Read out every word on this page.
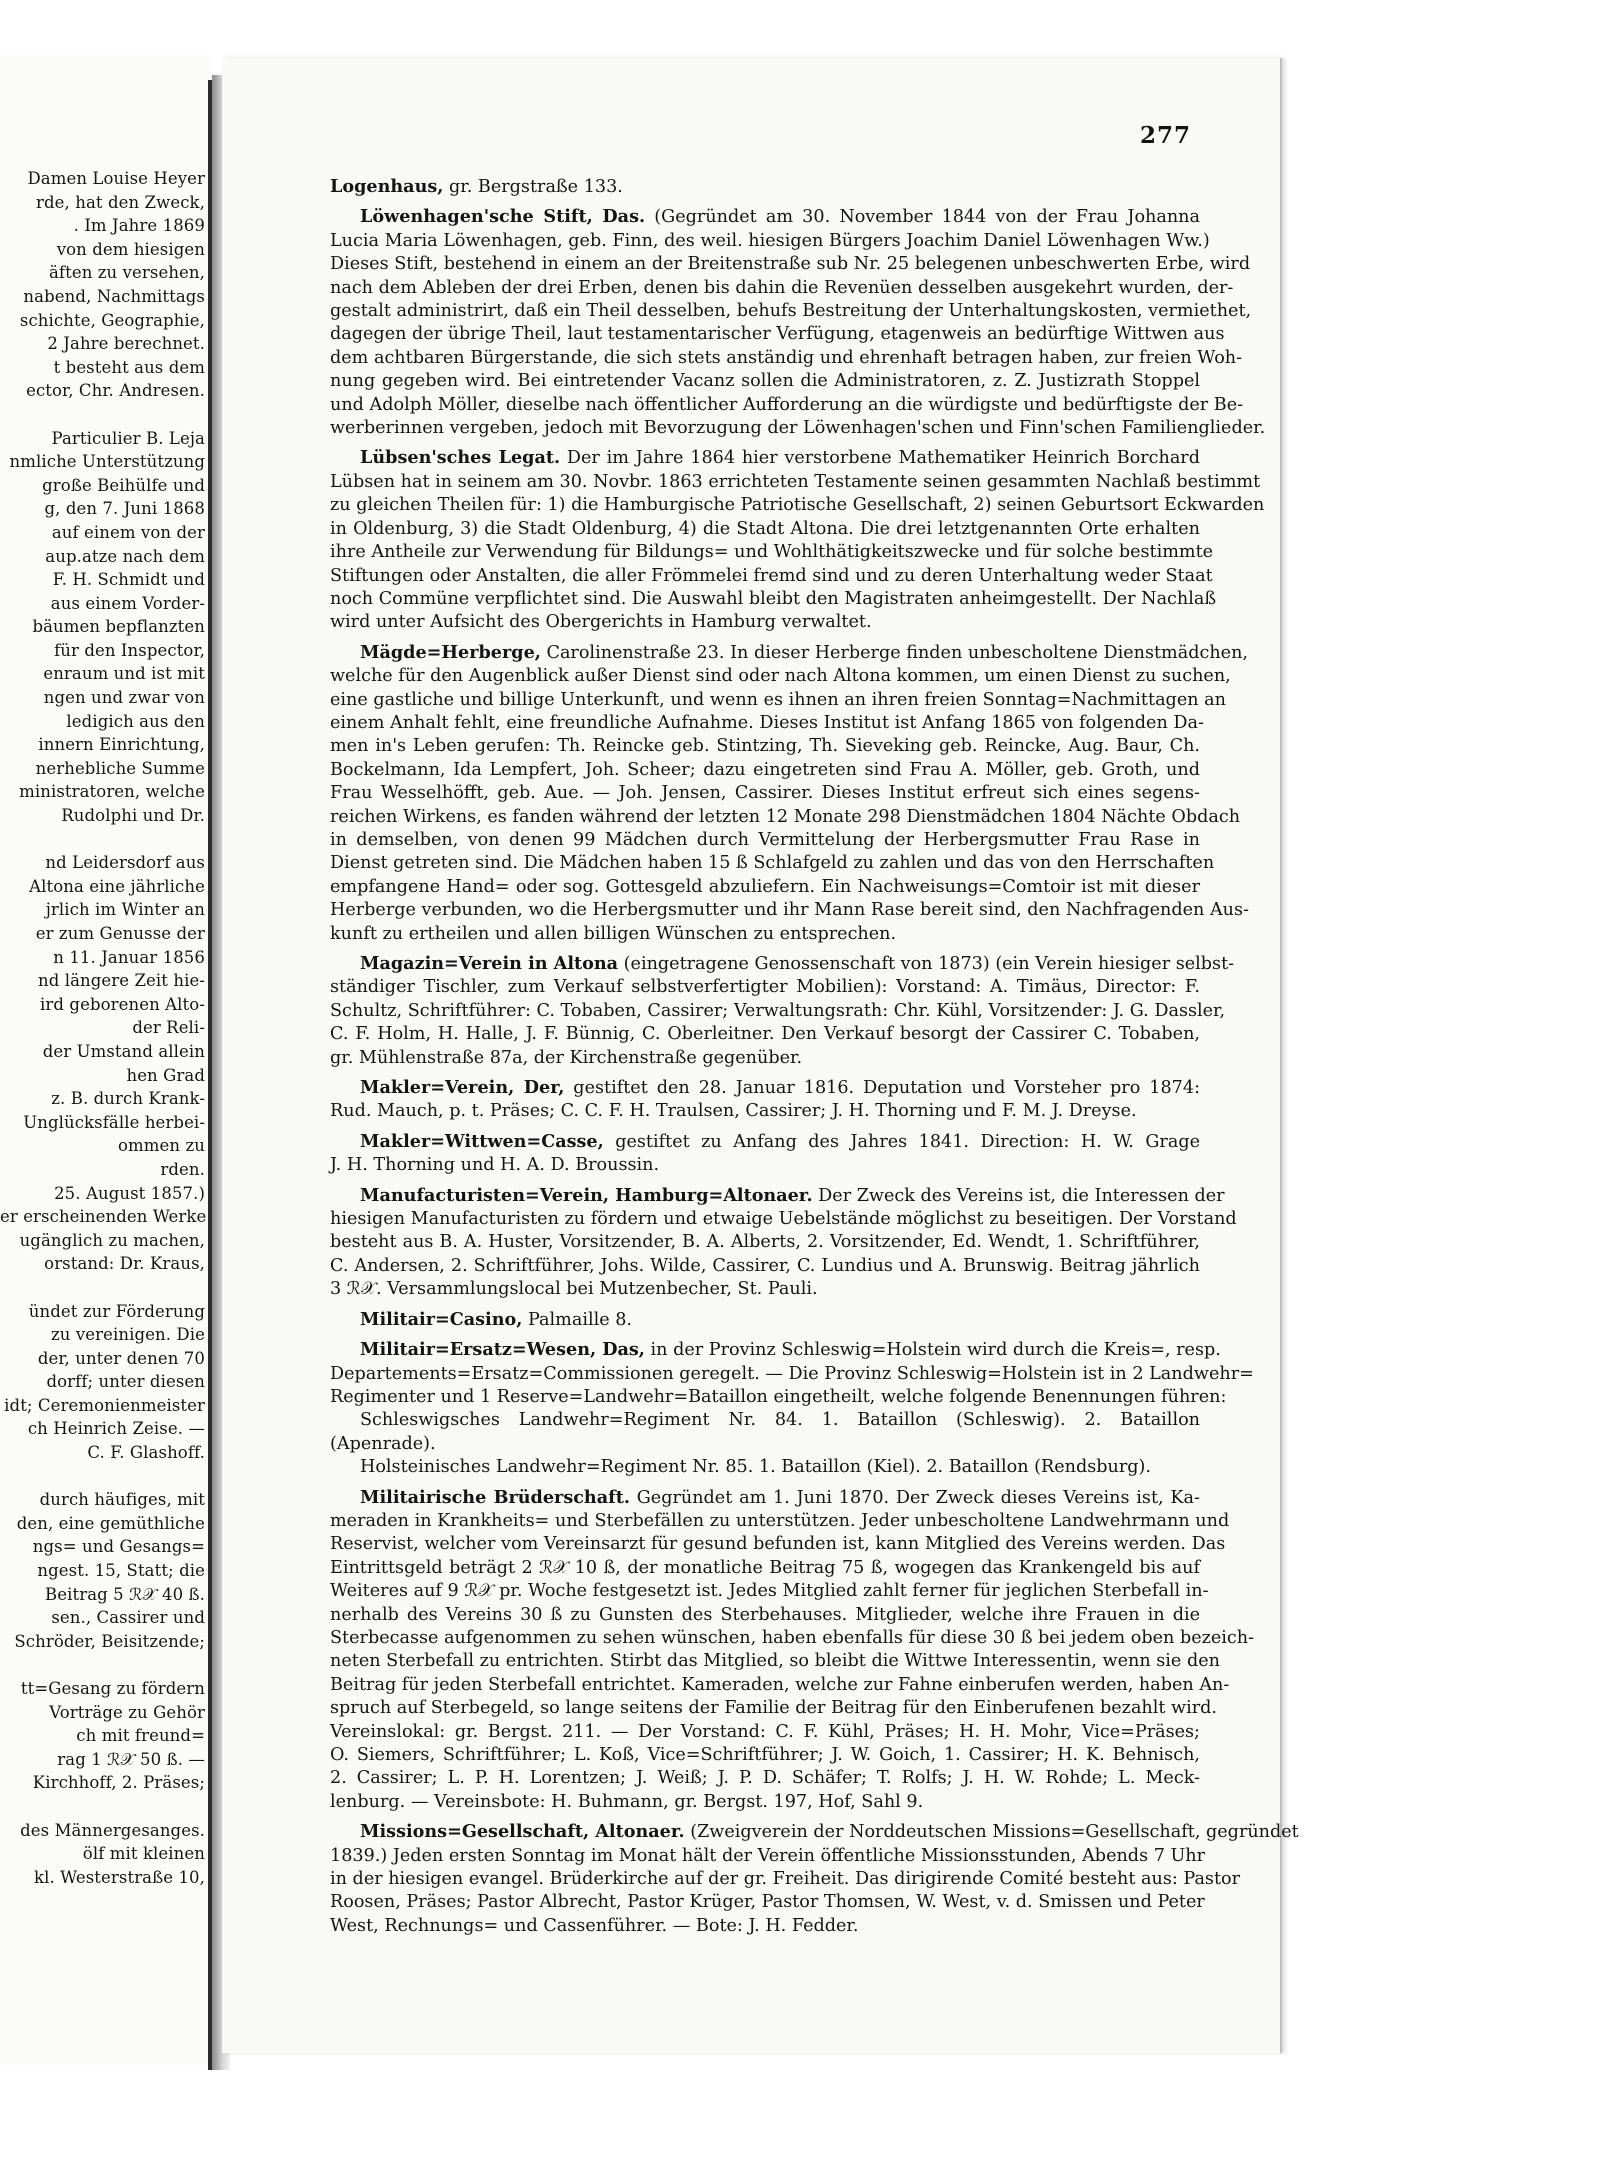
Damen Louise Heyer
rde, hat den Zweck,
. Im Jahre 1869
von dem hiesigen
äften zu versehen,
nabend, Nachmittags
schichte, Geographie,
2 Jahre berechnet.
t besteht aus dem
ector, Chr. Andresen.

Particulier B. Leja
nmliche Unterstützung
große Beihülfe und
g, den 7. Juni 1868
auf einem von der
aup.atze nach dem
F. H. Schmidt und
aus einem Vorder-
bäumen bepflanzten
für den Inspector,
enraum und ist mit
ngen und zwar von
ledigich aus den
innern Einrichtung,
nerhebliche Summe
ministratoren, welche
Rudolphi und Dr.

nd Leidersdorf aus
Altona eine jährliche
jrlich im Winter an
er zum Genusse der
n 11. Januar 1856
nd längere Zeit hie-
ird geborenen Alto-
der Reli-
der Umstand allein
hen Grad
z. B. durch Krank-
Unglücksfälle herbei-
ommen zu
rden.
25. August 1857.)
er erscheinenden Werke
ugänglich zu machen,
orstand: Dr. Kraus,

ündet zur Förderung
zu vereinigen. Die
der, unter denen 70
dorff; unter diesen
idt; Ceremonienmeister
ch Heinrich Zeise. —
C. F. Glashoff.

durch häufiges, mit
den, eine gemüthliche
ngs= und Gesangs=
ngest. 15, Statt; die
Beitrag 5 ℛ𝒳 40 ß.
sen., Cassirer und
Schröder, Beisitzende;

tt=Gesang zu fördern
Vorträge zu Gehör
ch mit freund=
rag 1 ℛ𝒳 50 ß. —
Kirchhoff, 2. Präses;

des Männergesanges.
ölf mit kleinen
kl. Westerstraße 10,
277
Logenhaus, gr. Bergstraße 133.
Löwenhagen'sche Stift, Das. (Gegründet am 30. November 1844 von der Frau Johanna
Lucia Maria Löwenhagen, geb. Finn, des weil. hiesigen Bürgers Joachim Daniel Löwenhagen Ww.)
Dieses Stift, bestehend in einem an der Breitenstraße sub Nr. 25 belegenen unbeschwerten Erbe, wird
nach dem Ableben der drei Erben, denen bis dahin die Revenüen desselben ausgekehrt wurden, der-
gestalt administrirt, daß ein Theil desselben, behufs Bestreitung der Unterhaltungskosten, vermiethet,
dagegen der übrige Theil, laut testamentarischer Verfügung, etagenweis an bedürftige Wittwen aus
dem achtbaren Bürgerstande, die sich stets anständig und ehrenhaft betragen haben, zur freien Woh-
nung gegeben wird. Bei eintretender Vacanz sollen die Administratoren, z. Z. Justizrath Stoppel
und Adolph Möller, dieselbe nach öffentlicher Aufforderung an die würdigste und bedürftigste der Be-
werberinnen vergeben, jedoch mit Bevorzugung der Löwenhagen'schen und Finn'schen Familienglieder.
Lübsen'sches Legat. Der im Jahre 1864 hier verstorbene Mathematiker Heinrich Borchard
Lübsen hat in seinem am 30. Novbr. 1863 errichteten Testamente seinen gesammten Nachlaß bestimmt
zu gleichen Theilen für: 1) die Hamburgische Patriotische Gesellschaft, 2) seinen Geburtsort Eckwarden
in Oldenburg, 3) die Stadt Oldenburg, 4) die Stadt Altona. Die drei letztgenannten Orte erhalten
ihre Antheile zur Verwendung für Bildungs= und Wohlthätigkeitszwecke und für solche bestimmte
Stiftungen oder Anstalten, die aller Frömmelei fremd sind und zu deren Unterhaltung weder Staat
noch Commüne verpflichtet sind. Die Auswahl bleibt den Magistraten anheimgestellt. Der Nachlaß
wird unter Aufsicht des Obergerichts in Hamburg verwaltet.
Mägde=Herberge, Carolinenstraße 23. In dieser Herberge finden unbescholtene Dienstmädchen,
welche für den Augenblick außer Dienst sind oder nach Altona kommen, um einen Dienst zu suchen,
eine gastliche und billige Unterkunft, und wenn es ihnen an ihren freien Sonntag=Nachmittagen an
einem Anhalt fehlt, eine freundliche Aufnahme. Dieses Institut ist Anfang 1865 von folgenden Da-
men in's Leben gerufen: Th. Reincke geb. Stintzing, Th. Sieveking geb. Reincke, Aug. Baur, Ch.
Bockelmann, Ida Lempfert, Joh. Scheer; dazu eingetreten sind Frau A. Möller, geb. Groth, und
Frau Wesselhöfft, geb. Aue. — Joh. Jensen, Cassirer. Dieses Institut erfreut sich eines segens-
reichen Wirkens, es fanden während der letzten 12 Monate 298 Dienstmädchen 1804 Nächte Obdach
in demselben, von denen 99 Mädchen durch Vermittelung der Herbergsmutter Frau Rase in
Dienst getreten sind. Die Mädchen haben 15 ß Schlafgeld zu zahlen und das von den Herrschaften
empfangene Hand= oder sog. Gottesgeld abzuliefern. Ein Nachweisungs=Comtoir ist mit dieser
Herberge verbunden, wo die Herbergsmutter und ihr Mann Rase bereit sind, den Nachfragenden Aus-
kunft zu ertheilen und allen billigen Wünschen zu entsprechen.
Magazin=Verein in Altona (eingetragene Genossenschaft von 1873) (ein Verein hiesiger selbst-
ständiger Tischler, zum Verkauf selbstverfertigter Mobilien): Vorstand: A. Timäus, Director: F.
Schultz, Schriftführer: C. Tobaben, Cassirer; Verwaltungsrath: Chr. Kühl, Vorsitzender: J. G. Dassler,
C. F. Holm, H. Halle, J. F. Bünnig, C. Oberleitner. Den Verkauf besorgt der Cassirer C. Tobaben,
gr. Mühlenstraße 87a, der Kirchenstraße gegenüber.
Makler=Verein, Der, gestiftet den 28. Januar 1816. Deputation und Vorsteher pro 1874:
Rud. Mauch, p. t. Präses; C. C. F. H. Traulsen, Cassirer; J. H. Thorning und F. M. J. Dreyse.
Makler=Wittwen=Casse, gestiftet zu Anfang des Jahres 1841. Direction: H. W. Grage
J. H. Thorning und H. A. D. Broussin.
Manufacturisten=Verein, Hamburg=Altonaer. Der Zweck des Vereins ist, die Interessen der
hiesigen Manufacturisten zu fördern und etwaige Uebelstände möglichst zu beseitigen. Der Vorstand
besteht aus B. A. Huster, Vorsitzender, B. A. Alberts, 2. Vorsitzender, Ed. Wendt, 1. Schriftführer,
C. Andersen, 2. Schriftführer, Johs. Wilde, Cassirer, C. Lundius und A. Brunswig. Beitrag jährlich
3 ℛ𝒳. Versammlungslocal bei Mutzenbecher, St. Pauli.
Militair=Casino, Palmaille 8.
Militair=Ersatz=Wesen, Das, in der Provinz Schleswig=Holstein wird durch die Kreis=, resp.
Departements=Ersatz=Commissionen geregelt. — Die Provinz Schleswig=Holstein ist in 2 Landwehr=
Regimenter und 1 Reserve=Landwehr=Bataillon eingetheilt, welche folgende Benennungen führen:
Schleswigsches Landwehr=Regiment Nr. 84. 1. Bataillon (Schleswig). 2. Bataillon
(Apenrade).
Holsteinisches Landwehr=Regiment Nr. 85. 1. Bataillon (Kiel). 2. Bataillon (Rendsburg).
Militairische Brüderschaft. Gegründet am 1. Juni 1870. Der Zweck dieses Vereins ist, Ka-
meraden in Krankheits= und Sterbefällen zu unterstützen. Jeder unbescholtene Landwehrmann und
Reservist, welcher vom Vereinsarzt für gesund befunden ist, kann Mitglied des Vereins werden. Das
Eintrittsgeld beträgt 2 ℛ𝒳 10 ß, der monatliche Beitrag 75 ß, wogegen das Krankengeld bis auf
Weiteres auf 9 ℛ𝒳 pr. Woche festgesetzt ist. Jedes Mitglied zahlt ferner für jeglichen Sterbefall in-
nerhalb des Vereins 30 ß zu Gunsten des Sterbehauses. Mitglieder, welche ihre Frauen in die
Sterbecasse aufgenommen zu sehen wünschen, haben ebenfalls für diese 30 ß bei jedem oben bezeich-
neten Sterbefall zu entrichten. Stirbt das Mitglied, so bleibt die Wittwe Interessentin, wenn sie den
Beitrag für jeden Sterbefall entrichtet. Kameraden, welche zur Fahne einberufen werden, haben An-
spruch auf Sterbegeld, so lange seitens der Familie der Beitrag für den Einberufenen bezahlt wird.
Vereinslokal: gr. Bergst. 211. — Der Vorstand: C. F. Kühl, Präses; H. H. Mohr, Vice=Präses;
O. Siemers, Schriftführer; L. Koß, Vice=Schriftführer; J. W. Goich, 1. Cassirer; H. K. Behnisch,
2. Cassirer; L. P. H. Lorentzen; J. Weiß; J. P. D. Schäfer; T. Rolfs; J. H. W. Rohde; L. Meck-
lenburg. — Vereinsbote: H. Buhmann, gr. Bergst. 197, Hof, Sahl 9.
Missions=Gesellschaft, Altonaer. (Zweigverein der Norddeutschen Missions=Gesellschaft, gegründet
1839.) Jeden ersten Sonntag im Monat hält der Verein öffentliche Missionsstunden, Abends 7 Uhr
in der hiesigen evangel. Brüderkirche auf der gr. Freiheit. Das dirigirende Comité besteht aus: Pastor
Roosen, Präses; Pastor Albrecht, Pastor Krüger, Pastor Thomsen, W. West, v. d. Smissen und Peter
West, Rechnungs= und Cassenführer. — Bote: J. H. Fedder.
